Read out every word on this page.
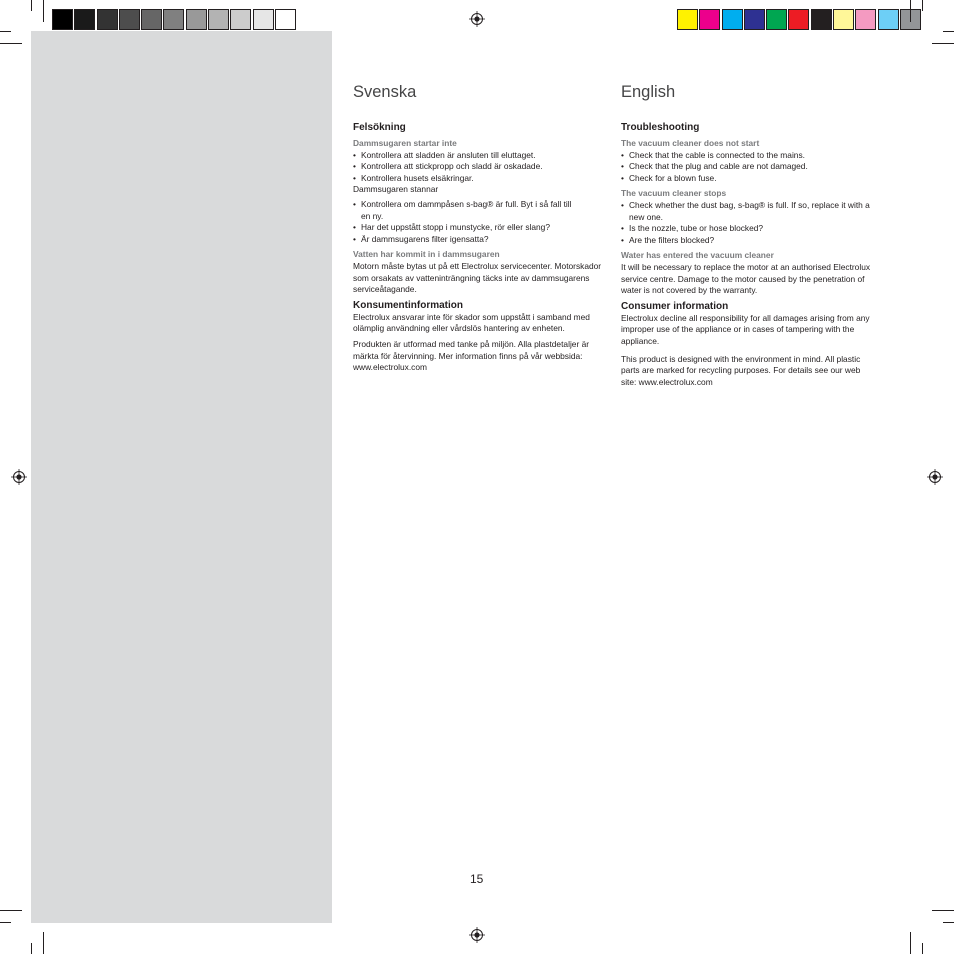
Svenska
Felsökning
Dammsugaren startar inte
• Kontrollera att sladden är ansluten till eluttaget.
• Kontrollera att stickpropp och sladd är oskadade.
• Kontrollera husets elsäkringar.

Dammsugaren stannar

• Kontrollera om dammpåsen s-bag® är full. Byt i så fall till en ny.
• Har det uppstått stopp i munstycke, rör eller slang?
• Är dammsugarens filter igensatta?
Vatten har kommit in i dammsugaren

Motorn måste bytas ut på ett Electrolux servicecenter. Motorskador som orsakats av vatteninträngning täcks inte av dammsugarens serviceåtagande.

Konsumentinformation

Electrolux ansvarar inte för skador som uppstått i samband med olämplig användning eller vårdslös hantering av enheten.

Produkten är utformad med tanke på miljön. Alla plastdetaljer är märkta för återvinning. Mer information finns på vår webbsida: www.electrolux.com

English
Troubleshooting
The vacuum cleaner does not start
• Check that the cable is connected to the mains.
• Check that the plug and cable are not damaged.
• Check for a blown fuse.
The vacuum cleaner stops
• Check whether the dust bag, s-bag® is full. If so, replace it with a new one.
• Is the nozzle, tube or hose blocked?
• Are the filters blocked?
Water has entered the vacuum cleaner

It will be necessary to replace the motor at an authorised Electrolux service centre. Damage to the motor caused by the penetration of water is not covered by the warranty.

Consumer information

Electrolux decline all responsibility for all damages arising from any improper use of the appliance or in cases of tampering with the appliance.

This product is designed with the environment in mind. All plastic parts are marked for recycling purposes. For details see our web site: www.electrolux.com

15
